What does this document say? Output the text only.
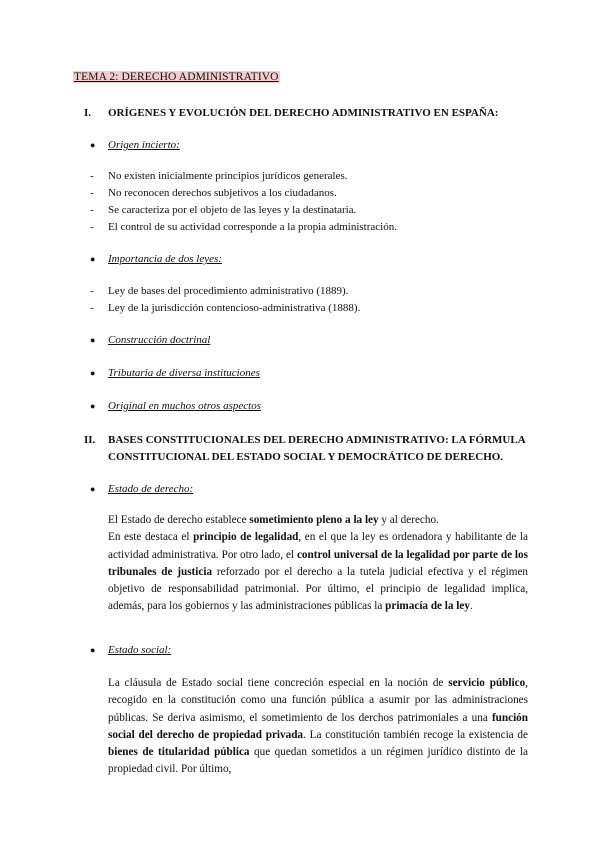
TEMA 2: DERECHO ADMINISTRATIVO
I. ORÍGENES Y EVOLUCIÓN DEL DERECHO ADMINISTRATIVO EN ESPAÑA:
● Origen incierto:
- No existen inicialmente principios jurídicos generales.
- No reconocen derechos subjetivos a los ciudadanos.
- Se caracteriza por el objeto de las leyes y la destinataria.
- El control de su actividad corresponde a la propia administración.
● Importancia de dos leyes:
- Ley de bases del procedimiento administrativo (1889).
- Ley de la jurisdicción contencioso-administrativa (1888).
● Construcción doctrinal
● Tributaria de diversa instituciones
● Original en muchos otros aspectos
II. BASES CONSTITUCIONALES DEL DERECHO ADMINISTRATIVO: LA FÓRMULA
CONSTITUCIONAL DEL ESTADO SOCIAL Y DEMOCRÁTICO DE DERECHO.
● Estado de derecho:
El Estado de derecho establece sometimiento pleno a la ley y al derecho.
En este destaca el principio de legalidad, en el que la ley es ordenadora y habilitante de la actividad administrativa. Por otro lado, el control universal de la legalidad por parte de los tribunales de justicia reforzado por el derecho a la tutela judicial efectiva y el régimen objetivo de responsabilidad patrimonial. Por último, el principio de legalidad implica, además, para los gobiernos y las administraciones públicas la primacía de la ley.
● Estado social:
La cláusula de Estado social tiene concreción especial en la noción de servicio público, recogido en la constitución como una función pública a asumir por las administraciones públicas. Se deriva asimismo, el sometimiento de los derchos patrimoniales a una función social del derecho de propiedad privada. La constitución también recoge la existencia de bienes de titularidad pública que quedan sometidos a un régimen jurídico distinto de la propiedad civil. Por último,
